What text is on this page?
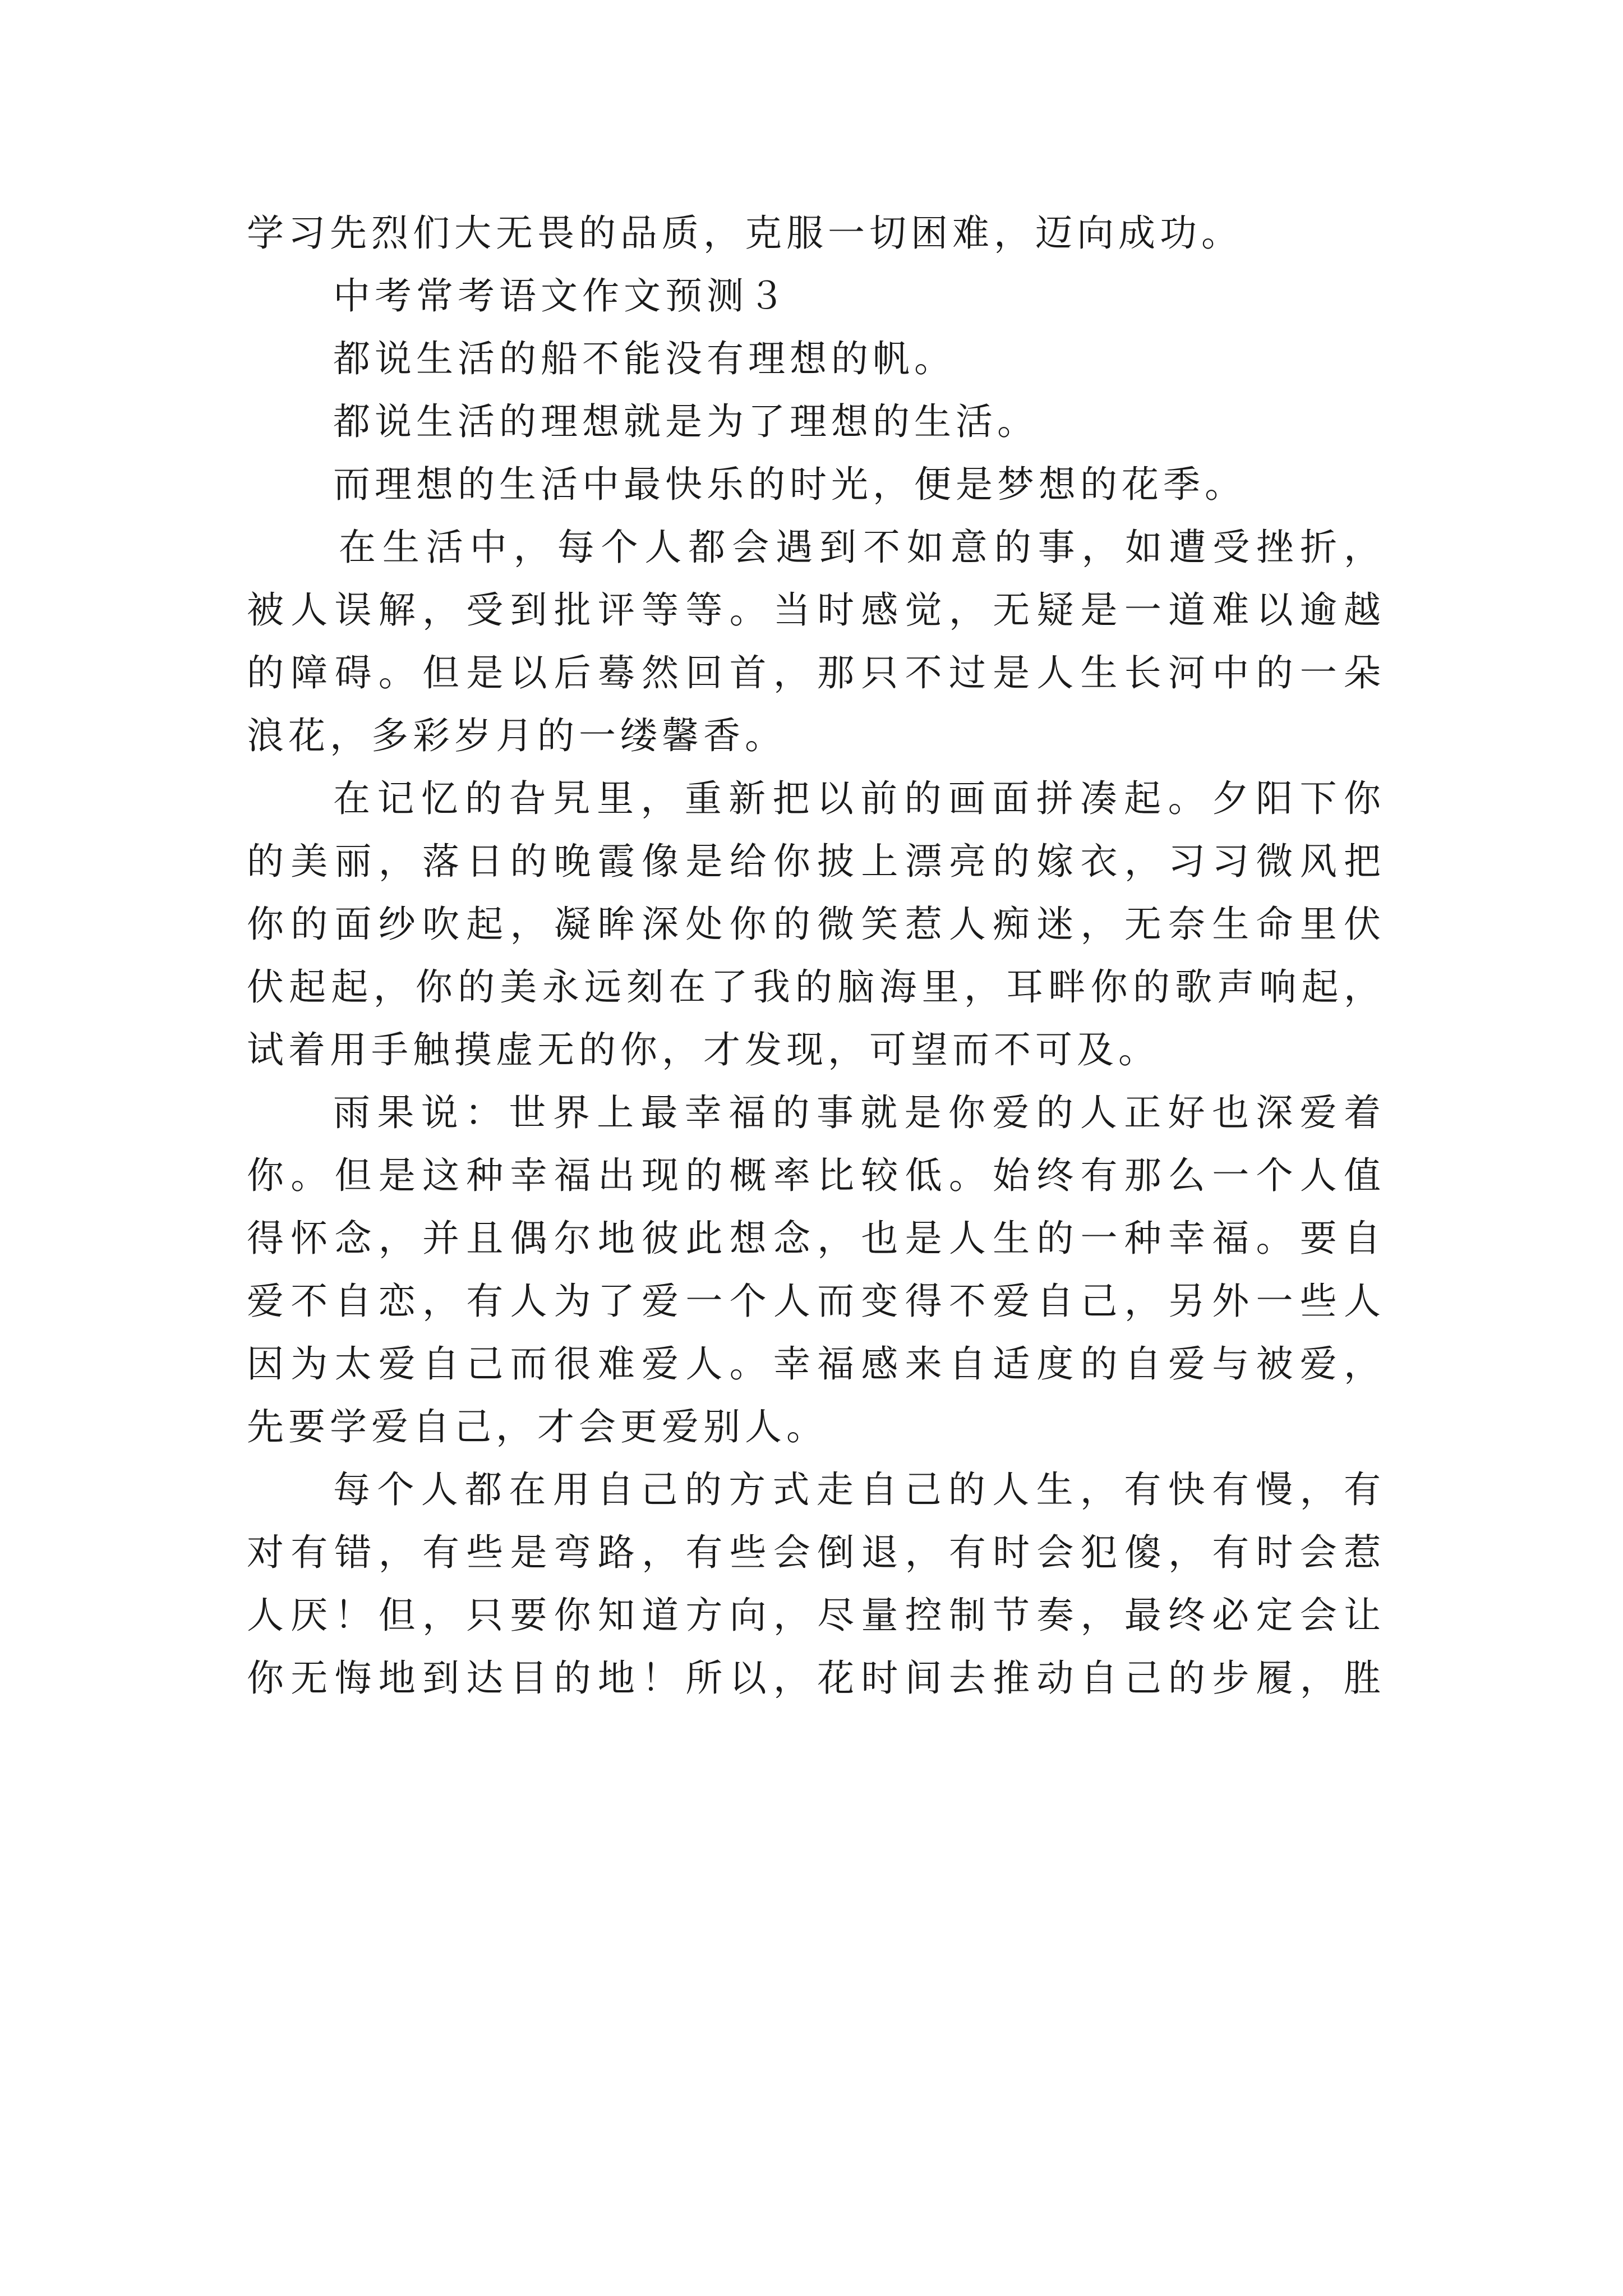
学习先烈们大无畏的品质，克服一切困难，迈向成功。
中考常考语文作文预测３
都说生活的船不能没有理想的帆。
都说生活的理想就是为了理想的生活。
而理想的生活中最快乐的时光，便是梦想的花季。
在生活中，每个人都会遇到不如意的事，如遭受挫折，
被人误解，受到批评等等。当时感觉，无疑是一道难以逾越
的障碍。但是以后蓦然回首，那只不过是人生长河中的一朵
浪花，多彩岁月的一缕馨香。
在记忆的旮旯里，重新把以前的画面拼凑起。夕阳下你
的美丽，落日的晚霞像是给你披上漂亮的嫁衣，习习微风把
你的面纱吹起，凝眸深处你的微笑惹人痴迷，无奈生命里伏
伏起起，你的美永远刻在了我的脑海里，耳畔你的歌声响起，
试着用手触摸虚无的你，才发现，可望而不可及。
雨果说：世界上最幸福的事就是你爱的人正好也深爱着
你。但是这种幸福出现的概率比较低。始终有那么一个人值
得怀念，并且偶尔地彼此想念，也是人生的一种幸福。要自
爱不自恋，有人为了爱一个人而变得不爱自己，另外一些人
因为太爱自己而很难爱人。幸福感来自适度的自爱与被爱，
先要学爱自己，才会更爱别人。
每个人都在用自己的方式走自己的人生，有快有慢，有
对有错，有些是弯路，有些会倒退，有时会犯傻，有时会惹
人厌！但，只要你知道方向，尽量控制节奏，最终必定会让
你无悔地到达目的地！所以，花时间去推动自己的步履，胜
